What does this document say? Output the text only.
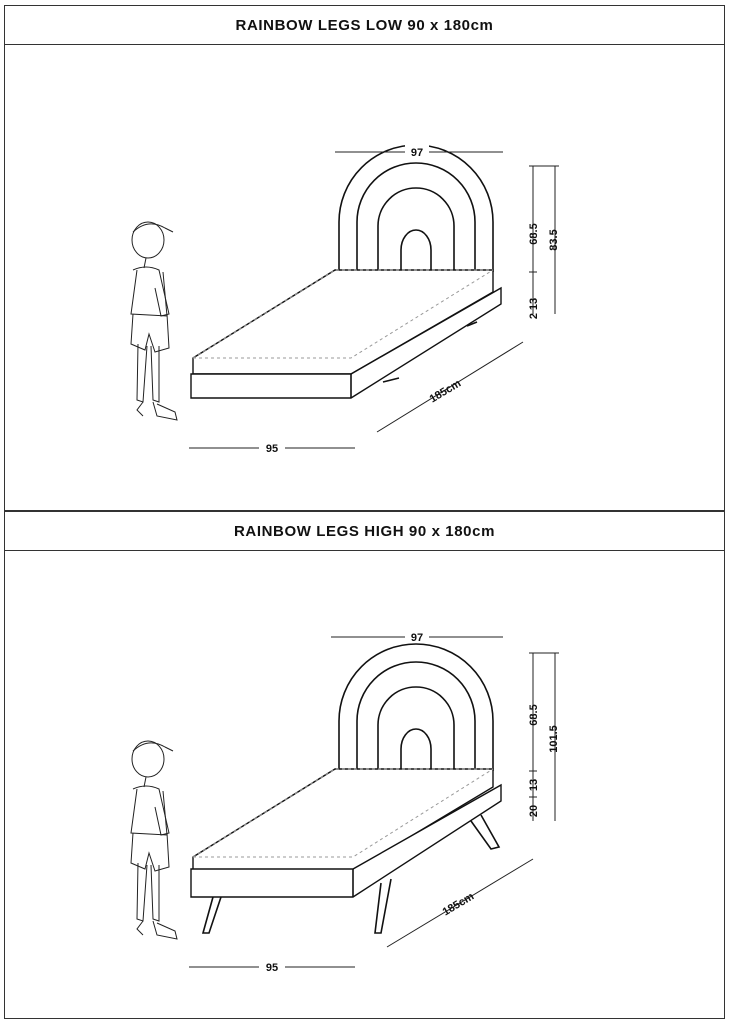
RAINBOW LEGS LOW 90 x 180cm
97
68.5 83.5
13
2
185cm
95
RAINBOW LEGS HIGH 90 x 180cm
97
68.5
101.5
13
20
185cm
95
